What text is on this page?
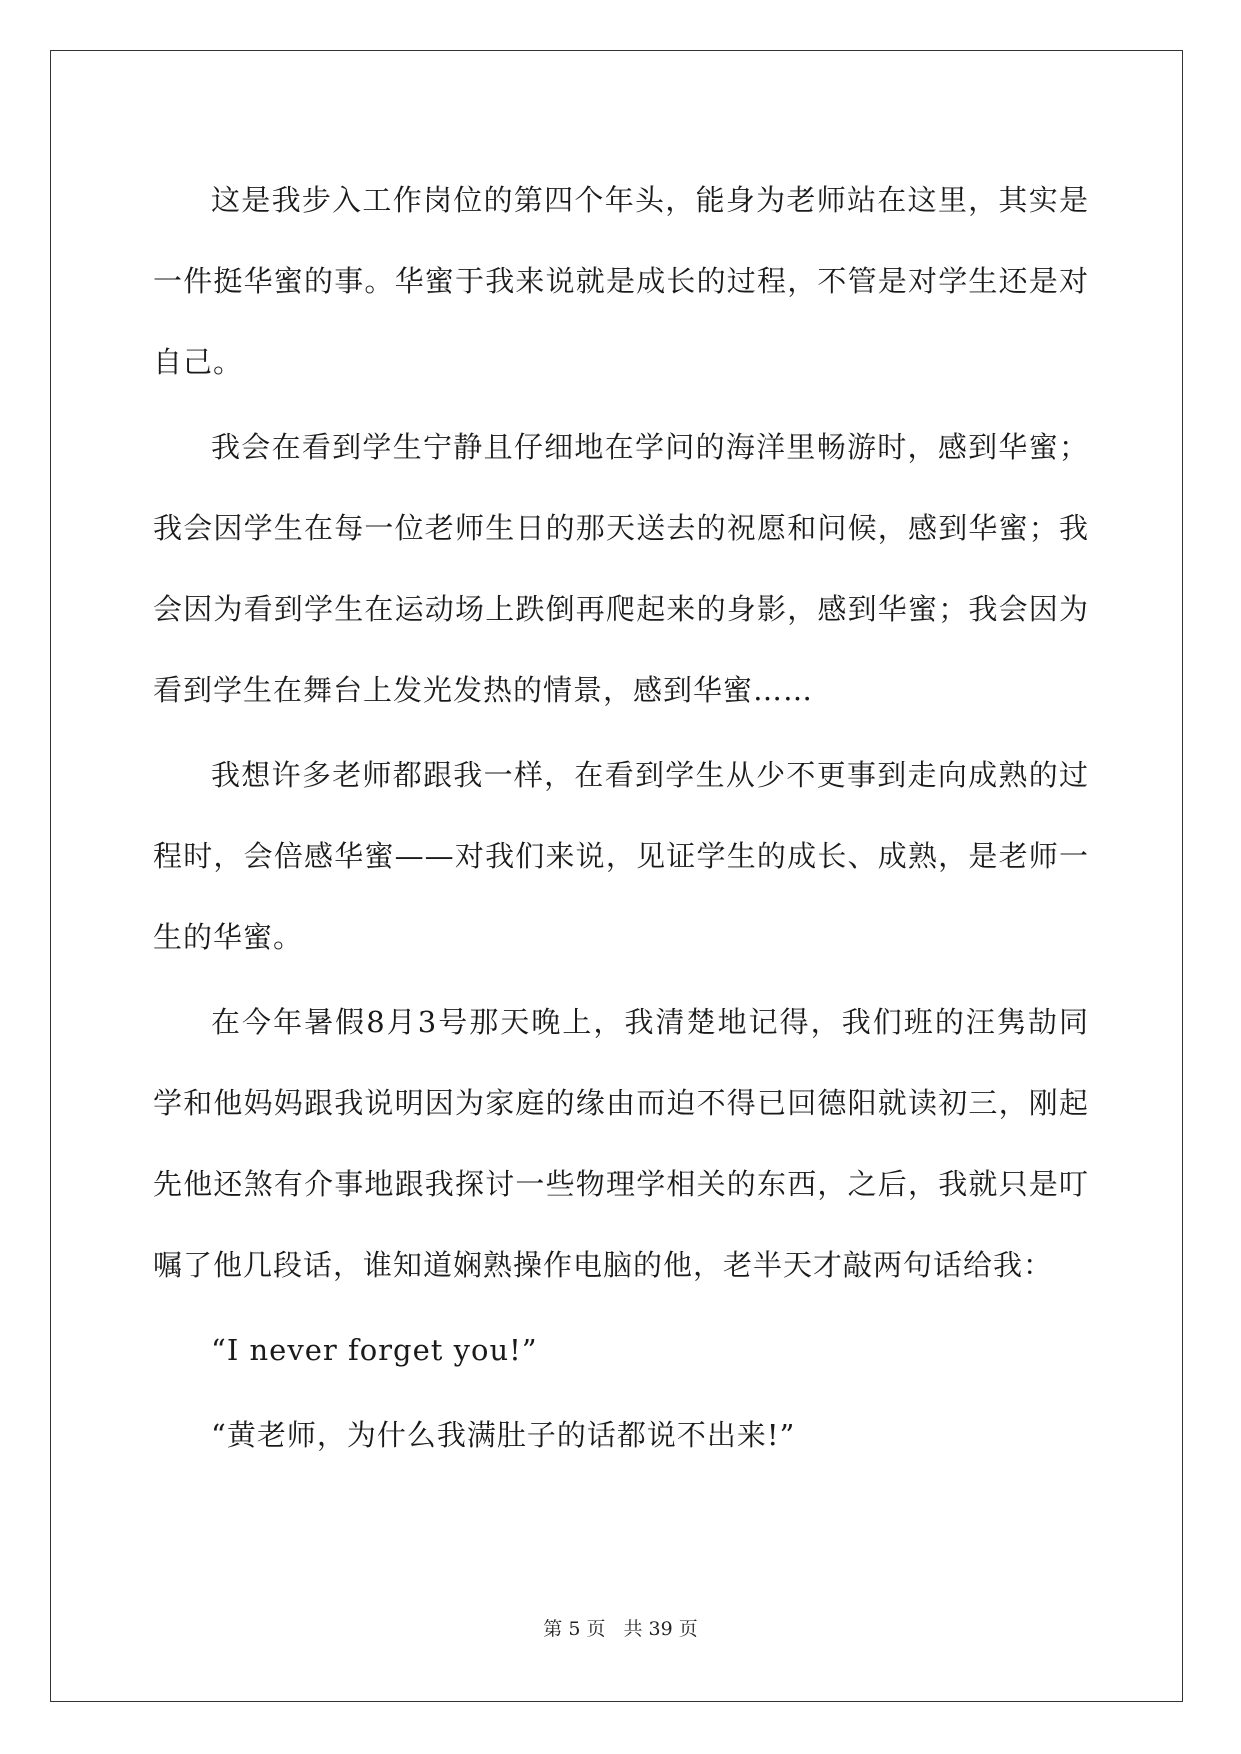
这是我步入工作岗位的第四个年头，能身为老师站在这里，其实是一件挺华蜜的事。华蜜于我来说就是成长的过程，不管是对学生还是对自己。

我会在看到学生宁静且仔细地在学问的海洋里畅游时，感到华蜜；我会因学生在每一位老师生日的那天送去的祝愿和问候，感到华蜜；我会因为看到学生在运动场上跌倒再爬起来的身影，感到华蜜；我会因为看到学生在舞台上发光发热的情景，感到华蜜……

我想许多老师都跟我一样，在看到学生从少不更事到走向成熟的过程时，会倍感华蜜——对我们来说，见证学生的成长、成熟，是老师一生的华蜜。

在今年暑假8月3号那天晚上，我清楚地记得，我们班的汪隽劼同学和他妈妈跟我说明因为家庭的缘由而迫不得已回德阳就读初三，刚起先他还煞有介事地跟我探讨一些物理学相关的东西，之后，我就只是叮嘱了他几段话，谁知道娴熟操作电脑的他，老半天才敲两句话给我：

“I never forget you!”

“黄老师，为什么我满肚子的话都说不出来!”

第 5 页 共 39 页
